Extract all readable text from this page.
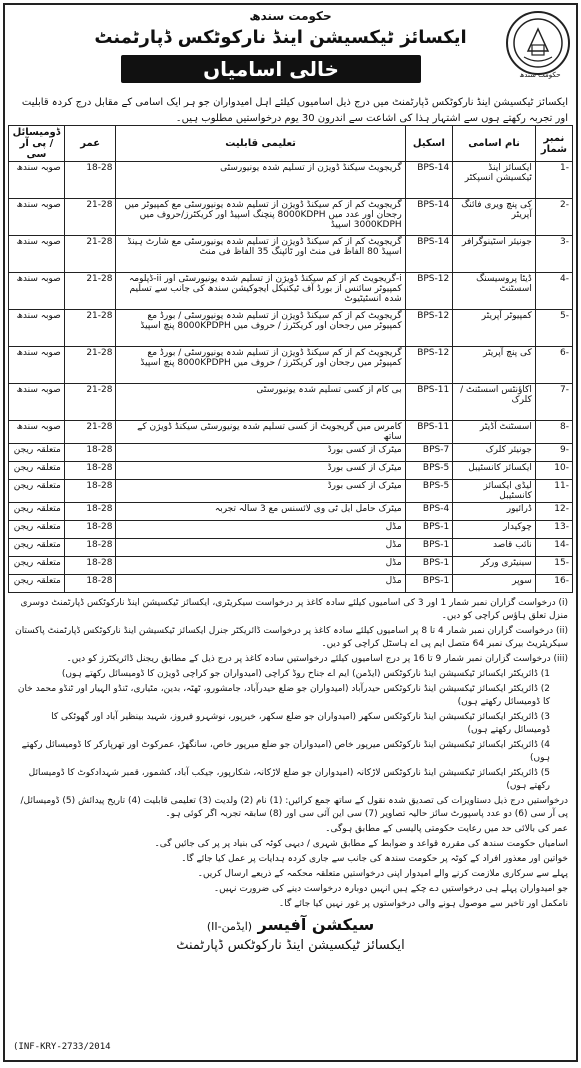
حکومت سندھ
حکومت سندھ
ایکسائز ٹیکسیشن اینڈ نارکوٹکس ڈپارٹمنٹ
خالی اسامیاں
ایکسائز ٹیکسیشن اینڈ نارکوٹکس ڈپارٹمنٹ میں درج ذیل اسامیوں کیلئے اہل امیدواران جو ہر ایک اسامی کے مقابل درج کردہ قابلیت اور تجربہ رکھتے ہوں سے اشتہار ہذا کی اشاعت سے اندرون 30 یوم درخواستیں مطلوب ہیں۔
نمبر شمار	نام اسامی	اسکیل	تعلیمی قابلیت	عمر	ڈومیسائل / پی آر سی
-1	ایکسائز اینڈ ٹیکسیشن انسپکٹر	BPS-14	گریجویٹ سیکنڈ ڈویژن از تسلیم شدہ یونیورسٹی	18-28	صوبہ سندھ
-2	کی پنچ ویری فائنگ آپریٹر	BPS-14	گریجویٹ کم از کم سیکنڈ ڈویژن از تسلیم شدہ یونیورسٹی مع کمپیوٹر میں رجحان اور عدد میں 8000KDPH پنچنگ اسپیڈ اور کریکٹرز/حروف میں 3000KDPH اسپیڈ	21-28	صوبہ سندھ
-3	جونیئر اسٹینوگرافر	BPS-14	گریجویٹ کم از کم سیکنڈ ڈویژن از تسلیم شدہ یونیورسٹی مع شارٹ ہینڈ اسپیڈ 80 الفاظ فی منٹ اور ٹائپنگ 35 الفاظ فی منٹ	21-28	صوبہ سندھ
-4	ڈیٹا پروسیسنگ اسسٹنٹ	BPS-12	i-گریجویٹ کم از کم سیکنڈ ڈویژن از تسلیم شدہ یونیورسٹی اور ii-ڈپلومہ کمپیوٹر سائنس از بورڈ آف ٹیکنیکل ایجوکیشن سندھ کی جانب سے تسلیم شدہ انسٹیٹیوٹ	21-28	صوبہ سندھ
-5	کمپیوٹر آپریٹر	BPS-12	گریجویٹ کم از کم سیکنڈ ڈویژن از تسلیم شدہ یونیورسٹی / بورڈ مع کمپیوٹر میں رجحان اور کریکٹرز / حروف میں 8000KPDPH پنچ اسپیڈ	21-28	صوبہ سندھ
-6	کی پنچ آپریٹر	BPS-12	گریجویٹ کم از کم سیکنڈ ڈویژن از تسلیم شدہ یونیورسٹی / بورڈ مع کمپیوٹر میں رجحان اور کریکٹرز / حروف میں 8000KPDPH پنچ اسپیڈ	21-28	صوبہ سندھ
-7	اکاؤنٹس اسسٹنٹ / کلرک	BPS-11	بی کام از کسی تسلیم شدہ یونیورسٹی	21-28	صوبہ سندھ
-8	اسسٹنٹ آڈیٹر	BPS-11	کامرس میں گریجویٹ از کسی تسلیم شدہ یونیورسٹی سیکنڈ ڈویژن کے ساتھ	21-28	صوبہ سندھ
-9	جونیئر کلرک	BPS-7	میٹرک از کسی بورڈ	18-28	متعلقہ ریجن
-10	ایکسائز کانسٹیبل	BPS-5	میٹرک از کسی بورڈ	18-28	متعلقہ ریجن
-11	لیڈی ایکسائز کانسٹیبل	BPS-5	میٹرک از کسی بورڈ	18-28	متعلقہ ریجن
-12	ڈرائیور	BPS-4	میٹرک حامل ایل ٹی وی لائسنس مع 3 سالہ تجربہ	18-28	متعلقہ ریجن
-13	چوکیدار	BPS-1	مڈل	18-28	متعلقہ ریجن
-14	نائب قاصد	BPS-1	مڈل	18-28	متعلقہ ریجن
-15	سینیٹری ورکر	BPS-1	مڈل	18-28	متعلقہ ریجن
-16	سوپر	BPS-1	مڈل	18-28	متعلقہ ریجن

(i) درخواست گزاران نمبر شمار 1 اور 3 کی اسامیوں کیلئے سادہ کاغذ پر درخواست سیکریٹری، ایکسائز ٹیکسیشن اینڈ نارکوٹکس ڈپارٹمنٹ دوسری منزل تعلق ہاؤس کراچی کو دیں۔

(ii) درخواست گزاران نمبر شمار 4 تا 8 پر اسامیوں کیلئے سادہ کاغذ پر درخواست ڈائریکٹر جنرل ایکسائز ٹیکسیشن اینڈ نارکوٹکس ڈپارٹمنٹ پاکستان سیکریٹریٹ بیرک نمبر 64 متصل ایم پی اے ہاسٹل کراچی کو دیں۔

(iii) درخواست گزاران نمبر شمار 9 تا 16 پر درج اسامیوں کیلئے درخواستیں سادہ کاغذ پر درج ذیل کے مطابق ریجنل ڈائریکٹرز کو دیں۔

1) ڈائریکٹر ایکسائز ٹیکسیشن اینڈ نارکوٹکس (ایڈمن) ایم اے جناح روڈ کراچی (امیدواران جو کراچی ڈویژن کا ڈومیسائل رکھتے ہوں)

2) ڈائریکٹر ایکسائز ٹیکسیشن اینڈ نارکوٹکس حیدرآباد (امیدواران جو ضلع حیدرآباد، جامشورو، ٹھٹہ، بدین، مٹیاری، ٹنڈو الہیار اور ٹنڈو محمد خان کا ڈومیسائل رکھتے ہوں)

3) ڈائریکٹر ایکسائز ٹیکسیشن اینڈ نارکوٹکس سکھر (امیدواران جو ضلع سکھر، خیرپور، نوشہرو فیروز، شہید بینظیر آباد اور گھوٹکی کا ڈومیسائل رکھتے ہوں)

4) ڈائریکٹر ایکسائز ٹیکسیشن اینڈ نارکوٹکس میرپور خاص (امیدواران جو ضلع میرپور خاص، سانگھڑ، عمرکوٹ اور تھرپارکر کا ڈومیسائل رکھتے ہوں)

5) ڈائریکٹر ایکسائز ٹیکسیشن اینڈ نارکوٹکس لاڑکانہ (امیدواران جو ضلع لاڑکانہ، شکارپور، جیکب آباد، کشمور، قمبر شہدادکوٹ کا ڈومیسائل رکھتے ہوں)

درخواستیں درج ذیل دستاویزات کی تصدیق شدہ نقول کے ساتھ جمع کرائیں: (1) نام (2) ولدیت (3) تعلیمی قابلیت (4) تاریخ پیدائش (5) ڈومیسائل/ پی آر سی (6) دو عدد پاسپورٹ سائز حالیہ تصاویر (7) سی این آئی سی اور (8) سابقہ تجربہ اگر کوئی ہو۔

عمر کی بالائی حد میں رعایت حکومتی پالیسی کے مطابق ہوگی۔

اسامیاں حکومت سندھ کی مقررہ قواعد و ضوابط کے مطابق شہری / دیہی کوٹہ کی بنیاد پر پر کی جائیں گی۔

خواتین اور معذور افراد کے کوٹہ پر حکومت سندھ کی جانب سے جاری کردہ ہدایات پر عمل کیا جائے گا۔

پہلے سے سرکاری ملازمت کرنے والے امیدوار اپنی درخواستیں متعلقہ محکمہ کے ذریعے ارسال کریں۔

جو امیدواران پہلے ہی درخواستیں دے چکے ہیں انہیں دوبارہ درخواست دینے کی ضرورت نہیں۔

نامکمل اور تاخیر سے موصول ہونے والی درخواستوں پر غور نہیں کیا جائے گا۔

سیکشن آفیسر (ایڈمن-II)
ایکسائز ٹیکسیشن اینڈ نارکوٹکس ڈپارٹمنٹ
(INF-KRY-2733/2014
